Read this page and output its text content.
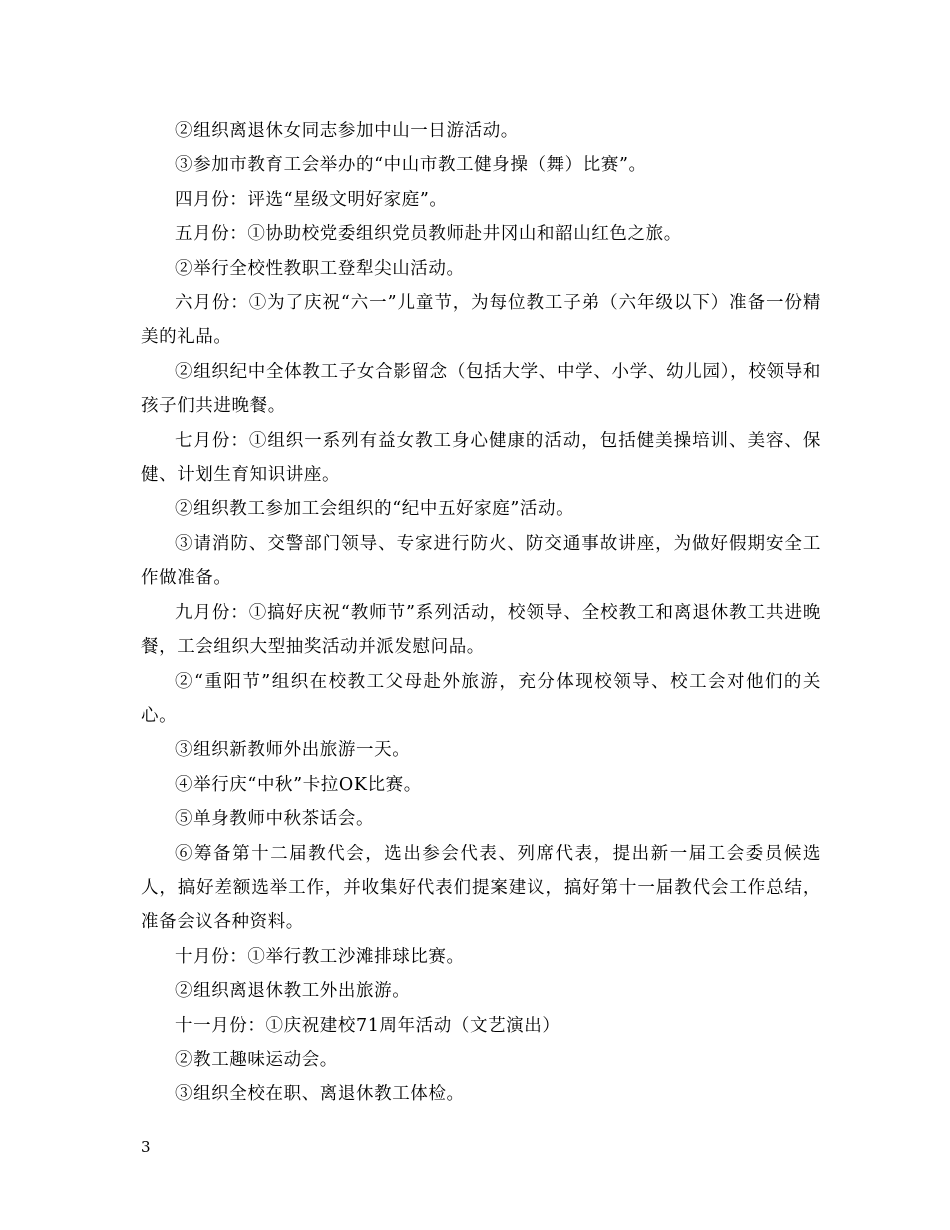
②组织离退休女同志参加中山一日游活动。

③参加市教育工会举办的“中山市教工健身操（舞）比赛”。

四月份：评选“星级文明好家庭”。

五月份：①协助校党委组织党员教师赴井冈山和韶山红色之旅。

②举行全校性教职工登犁尖山活动。

六月份：①为了庆祝“六一”儿童节，为每位教工子弟（六年级以下）准备一份精美的礼品。

②组织纪中全体教工子女合影留念（包括大学、中学、小学、幼儿园），校领导和孩子们共进晚餐。

七月份：①组织一系列有益女教工身心健康的活动，包括健美操培训、美容、保健、计划生育知识讲座。

②组织教工参加工会组织的“纪中五好家庭”活动。

③请消防、交警部门领导、专家进行防火、防交通事故讲座，为做好假期安全工作做准备。

九月份：①搞好庆祝“教师节”系列活动，校领导、全校教工和离退休教工共进晚餐，工会组织大型抽奖活动并派发慰问品。

②“重阳节”组织在校教工父母赴外旅游，充分体现校领导、校工会对他们的关心。

③组织新教师外出旅游一天。

④举行庆“中秋”卡拉OK比赛。

⑤单身教师中秋茶话会。

⑥筹备第十二届教代会，选出参会代表、列席代表，提出新一届工会委员候选人，搞好差额选举工作，并收集好代表们提案建议，搞好第十一届教代会工作总结，准备会议各种资料。

十月份：①举行教工沙滩排球比赛。

②组织离退休教工外出旅游。

十一月份：①庆祝建校71周年活动（文艺演出）

②教工趣味运动会。

③组织全校在职、离退休教工体检。

3
